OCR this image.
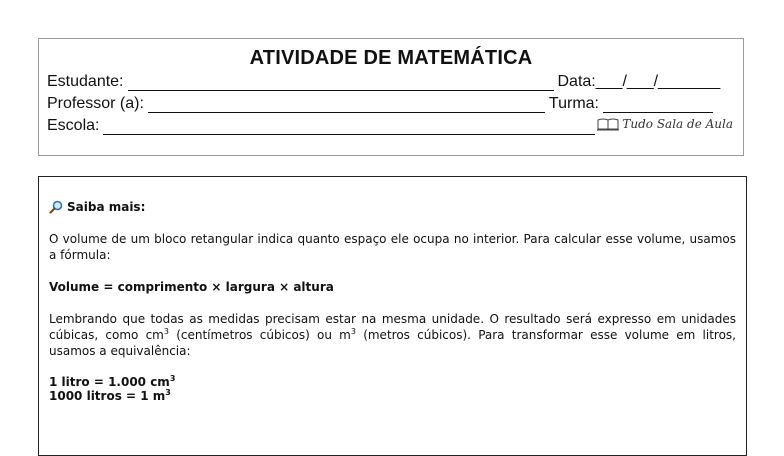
ATIVIDADE DE MATEMÁTICA
Estudante:	Data: ___/___/_______
Professor (a):	Turma:
Escola:	Tudo Sala de Aula
Saiba mais:

O volume de um bloco retangular indica quanto espaço ele ocupa no interior. Para calcular esse volume, usamos a fórmula:

Volume = comprimento × largura × altura

Lembrando que todas as medidas precisam estar na mesma unidade. O resultado será expresso em unidades cúbicas, como $cm^3$ (centímetros cúbicos) ou $m^3$ (metros cúbicos). Para transformar esse volume em litros, usamos a equivalência:

1 litro = 1.000 $cm^3$
1000 litros = 1 $m^3$
